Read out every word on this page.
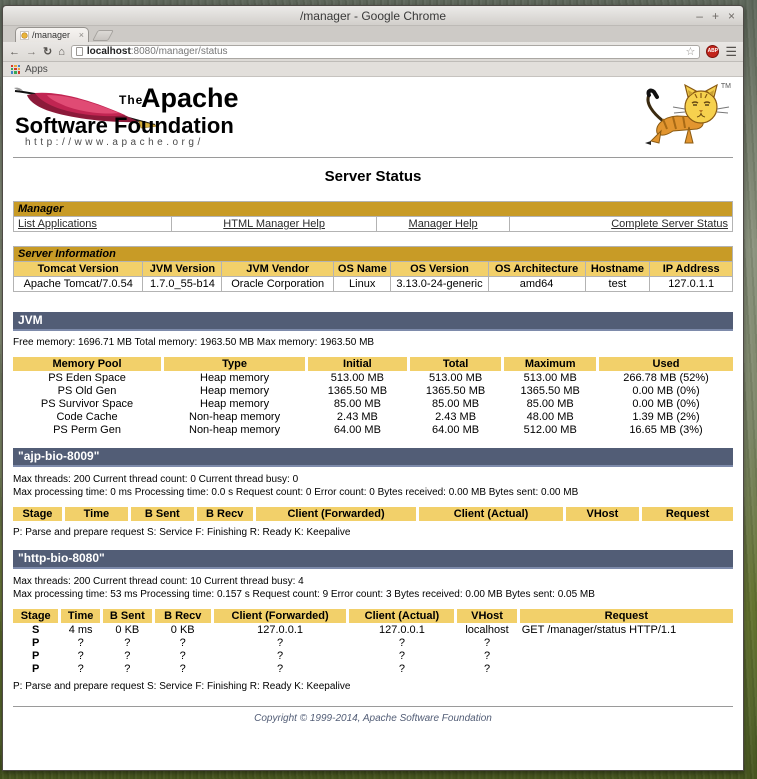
/manager - Google Chrome	– + ×
/manager ×
← → ↻ ⌂ localhost:8080/manager/status	☆ ABP ☰
Apps
The
Apache
Software Foundation
http://www.apache.org/
TM
Server Status
Manager
List Applications	HTML Manager Help	Manager Help	Complete Server Status
Server Information							
Tomcat Version	JVM Version	JVM Vendor	OS Name	OS Version	OS Architecture	Hostname	IP Address
Apache Tomcat/7.0.54	1.7.0_55-b14	Oracle Corporation	Linux	3.13.0-24-generic	amd64	test	127.0.1.1
JVM
Free memory: 1696.71 MB Total memory: 1963.50 MB Max memory: 1963.50 MB
Memory Pool	Type	Initial	Total	Maximum	Used
PS Eden Space	Heap memory	513.00 MB	513.00 MB	513.00 MB	266.78 MB (52%)
PS Old Gen	Heap memory	1365.50 MB	1365.50 MB	1365.50 MB	0.00 MB (0%)
PS Survivor Space	Heap memory	85.00 MB	85.00 MB	85.00 MB	0.00 MB (0%)
Code Cache	Non-heap memory	2.43 MB	2.43 MB	48.00 MB	1.39 MB (2%)
PS Perm Gen	Non-heap memory	64.00 MB	64.00 MB	512.00 MB	16.65 MB (3%)
"ajp-bio-8009"
Max threads: 200 Current thread count: 0 Current thread busy: 0
Max processing time: 0 ms Processing time: 0.0 s Request count: 0 Error count: 0 Bytes received: 0.00 MB Bytes sent: 0.00 MB
Stage	Time	B Sent	B Recv	Client (Forwarded)	Client (Actual)	VHost	Request
P: Parse and prepare request S: Service F: Finishing R: Ready K: Keepalive
"http-bio-8080"
Max threads: 200 Current thread count: 10 Current thread busy: 4
Max processing time: 53 ms Processing time: 0.157 s Request count: 9 Error count: 3 Bytes received: 0.00 MB Bytes sent: 0.05 MB
Stage	Time	B Sent	B Recv	Client (Forwarded)	Client (Actual)	VHost	Request
S	4 ms	0 KB	0 KB	127.0.0.1	127.0.0.1	localhost	GET /manager/status HTTP/1.1
P	?	?	?	?	?	?	
P	?	?	?	?	?	?	
P	?	?	?	?	?	?	
P: Parse and prepare request S: Service F: Finishing R: Ready K: Keepalive
Copyright © 1999-2014, Apache Software Foundation
